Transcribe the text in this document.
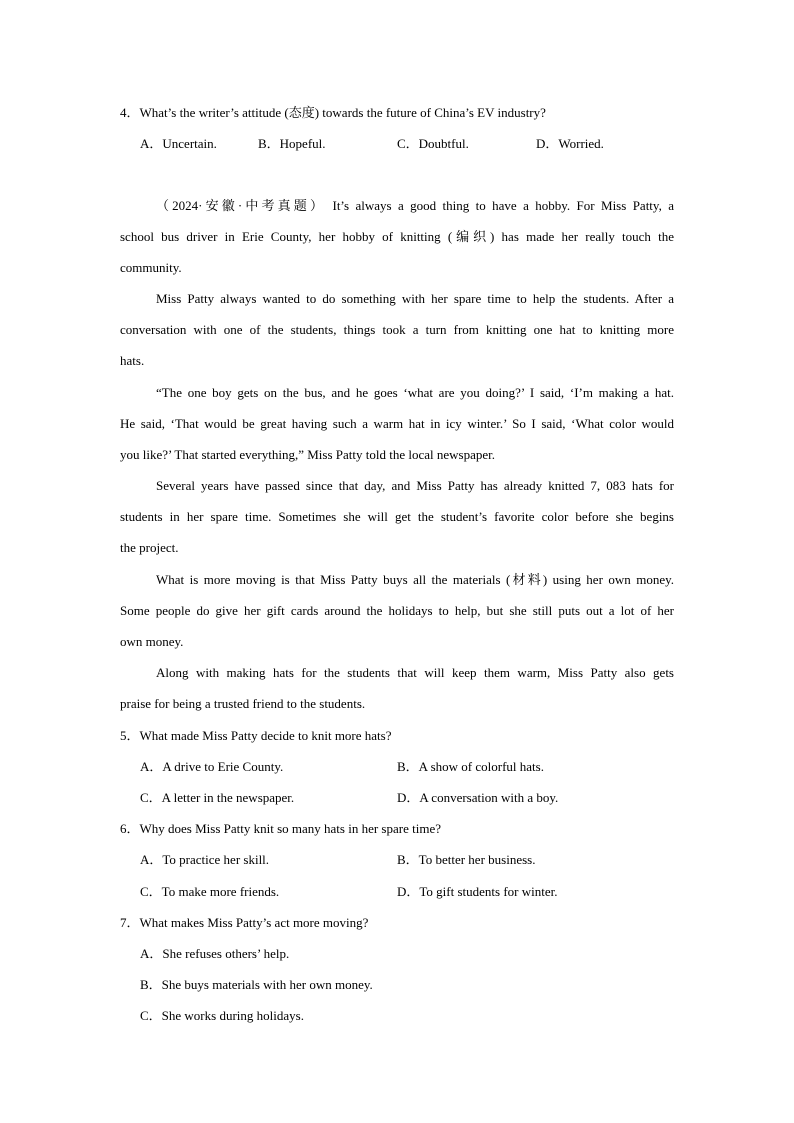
4．What’s the writer’s attitude (态度) towards the future of China’s EV industry?
A．Uncertain.	B．Hopeful.	C．Doubtful.	D．Worried.
（2024·安徽·中考真题） It’s always a good thing to have a hobby. For Miss Patty, a
school bus driver in Erie County, her hobby of knitting (编织) has made her really touch the
community.
Miss Patty always wanted to do something with her spare time to help the students. After a
conversation with one of the students, things took a turn from knitting one hat to knitting more
hats.
“The one boy gets on the bus, and he goes ‘what are you doing?’ I said, ‘I’m making a hat.
He said, ‘That would be great having such a warm hat in icy winter.’ So I said, ‘What color would
you like?’ That started everything,” Miss Patty told the local newspaper.
Several years have passed since that day, and Miss Patty has already knitted 7, 083 hats for
students in her spare time. Sometimes she will get the student’s favorite color before she begins
the project.
What is more moving is that Miss Patty buys all the materials (材料) using her own money.
Some people do give her gift cards around the holidays to help, but she still puts out a lot of her
own money.
Along with making hats for the students that will keep them warm, Miss Patty also gets
praise for being a trusted friend to the students.
5．What made Miss Patty decide to knit more hats?
A．A drive to Erie County.	B．A show of colorful hats.
C．A letter in the newspaper.	D．A conversation with a boy.
6．Why does Miss Patty knit so many hats in her spare time?
A．To practice her skill.	B．To better her business.
C．To make more friends.	D．To gift students for winter.
7．What makes Miss Patty’s act more moving?
A．She refuses others’ help.
B．She buys materials with her own money.
C．She works during holidays.
